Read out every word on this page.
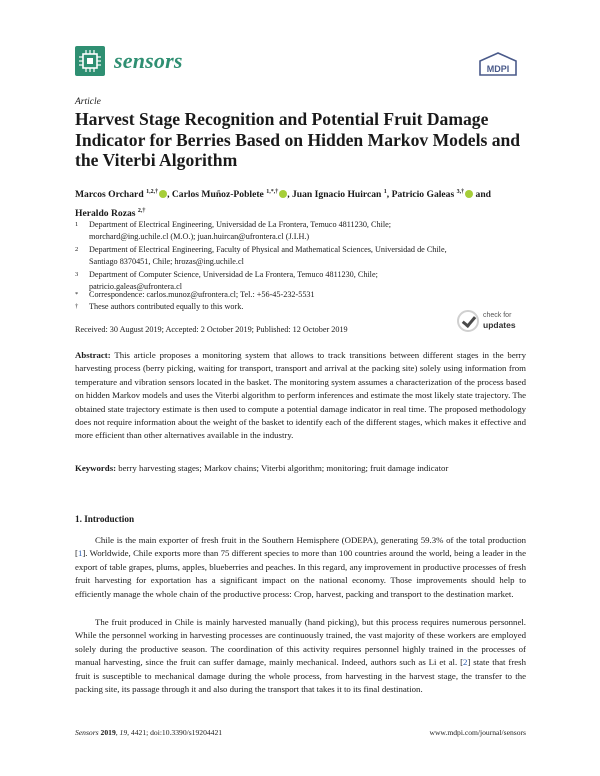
sensors	MDPI
Article
Harvest Stage Recognition and Potential Fruit Damage Indicator for Berries Based on Hidden Markov Models and the Viterbi Algorithm
Marcos Orchard $^{1,2,\dagger}$ , Carlos Muñoz-Poblete $^{1,*,\dagger}$ , Juan Ignacio Huircan $^1$, Patricio Galeas $^{3,\dagger}$ and
Heraldo Rozas $^{2,\dagger}$
1 Department of Electrical Engineering, Universidad de La Frontera, Temuco 4811230, Chile;
morchard@ing.uchile.cl (M.O.); juan.huircan@ufrontera.cl (J.I.H.)
2 Department of Electrical Engineering, Faculty of Physical and Mathematical Sciences, Universidad de Chile,
Santiago 8370451, Chile; hrozas@ing.uchile.cl
3 Department of Computer Science, Universidad de La Frontera, Temuco 4811230, Chile;
patricio.galeas@ufrontera.cl
* Correspondence: carlos.munoz@ufrontera.cl; Tel.: +56-45-232-5531
† These authors contributed equally to this work.
Received: 30 August 2019; Accepted: 2 October 2019; Published: 12 October 2019
check for
updates

Abstract: This article proposes a monitoring system that allows to track transitions between different stages in the berry harvesting process (berry picking, waiting for transport, transport and arrival at the packing site) solely using information from temperature and vibration sensors located in the basket. The monitoring system assumes a characterization of the process based on hidden Markov models and uses the Viterbi algorithm to perform inferences and estimate the most likely state trajectory. The obtained state trajectory estimate is then used to compute a potential damage indicator in real time. The proposed methodology does not require information about the weight of the basket to identify each of the different stages, which makes it effective and more efficient than other alternatives available in the industry.

Keywords: berry harvesting stages; Markov chains; Viterbi algorithm; monitoring; fruit damage indicator

1. Introduction

Chile is the main exporter of fresh fruit in the Southern Hemisphere (ODEPA), generating 59.3% of the total production [1]. Worldwide, Chile exports more than 75 different species to more than 100 countries around the world, being a leader in the export of table grapes, plums, apples, blueberries and peaches. In this regard, any improvement in productive processes of fresh fruit harvesting for exportation has a significant impact on the national economy. Those improvements should help to efficiently manage the whole chain of the productive process: Crop, harvest, packing and transport to the destination market.

The fruit produced in Chile is mainly harvested manually (hand picking), but this process requires numerous personnel. While the personnel working in harvesting processes are continuously trained, the vast majority of these workers are employed solely during the productive season. The coordination of this activity requires personnel highly trained in the processes of manual harvesting, since the fruit can suffer damage, mainly mechanical. Indeed, authors such as Li et al. [2] state that fresh fruit is susceptible to mechanical damage during the whole process, from harvesting in the harvest stage, the transfer to the packing site, its passage through it and also during the transport that takes it to its final destination.

Sensors 2019, 19, 4421; doi:10.3390/s19204421	www.mdpi.com/journal/sensors
